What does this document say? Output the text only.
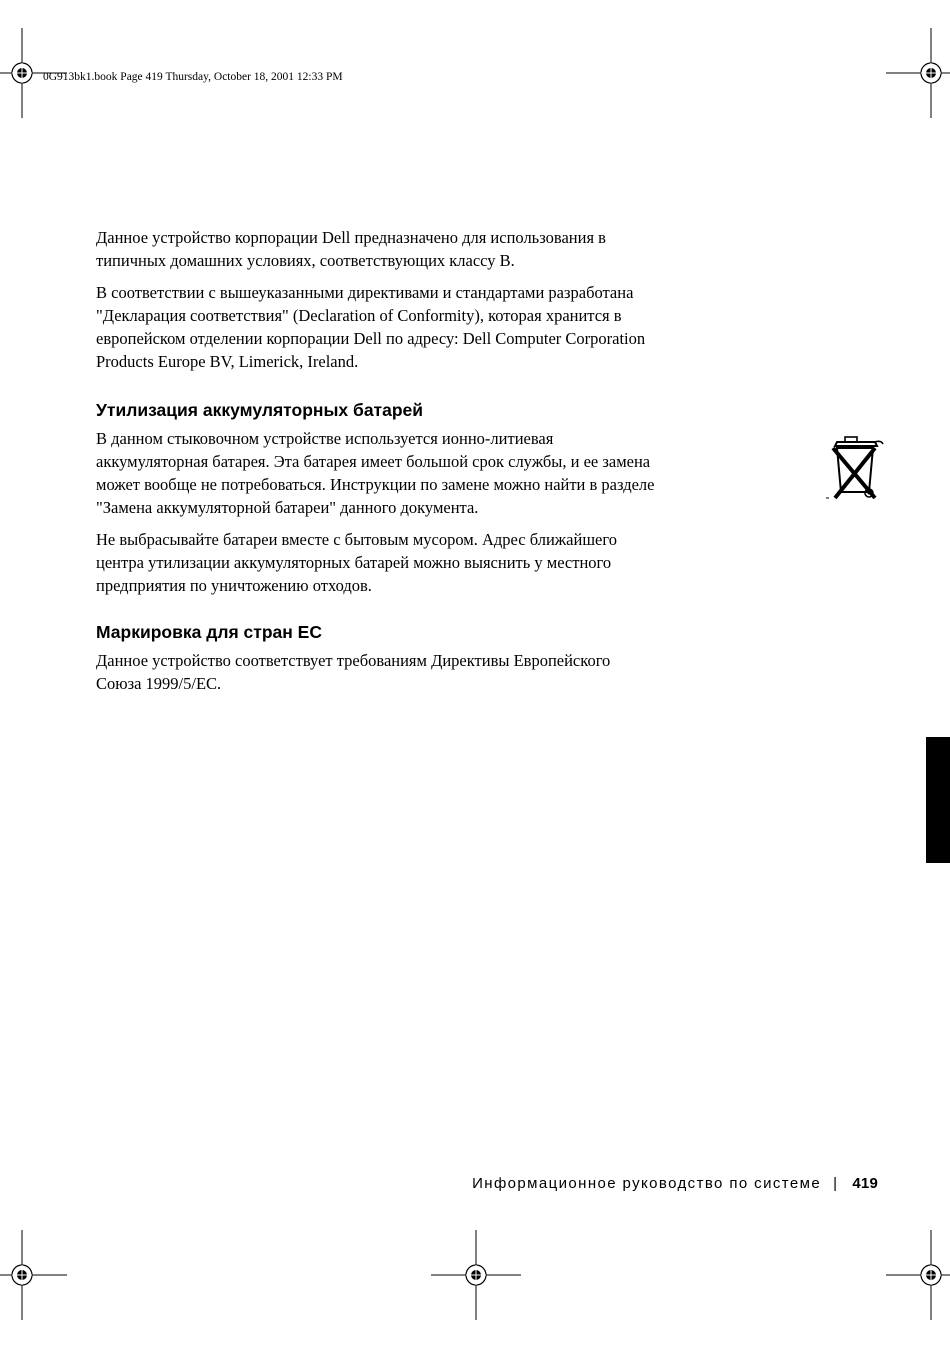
0G913bk1.book Page 419 Thursday, October 18, 2001 12:33 PM

Данное устройство корпорации Dell предназначено для использования в типичных домашних условиях, соответствующих классу B.

В соответствии с вышеуказанными директивами и стандартами разработана "Декларация соответствия" (Declaration of Conformity), которая хранится в европейском отделении корпорации Dell по адресу: Dell Computer Corporation Products Europe BV, Limerick, Ireland.

Утилизация аккумуляторных батарей

В данном стыковочном устройстве используется ионно-литиевая аккумуляторная батарея. Эта батарея имеет большой срок службы, и ее замена может вообще не потребоваться. Инструкции по замене можно найти в разделе "Замена аккумуляторной батареи" данного документа.

Не выбрасывайте батареи вместе с бытовым мусором. Адрес ближайшего центра утилизации аккумуляторных батарей можно выяснить у местного предприятия по уничтожению отходов.

Маркировка для стран ЕС

Данное устройство соответствует требованиям Директивы Европейского Союза 1999/5/ЕС.

Информационное руководство по системе | 419
